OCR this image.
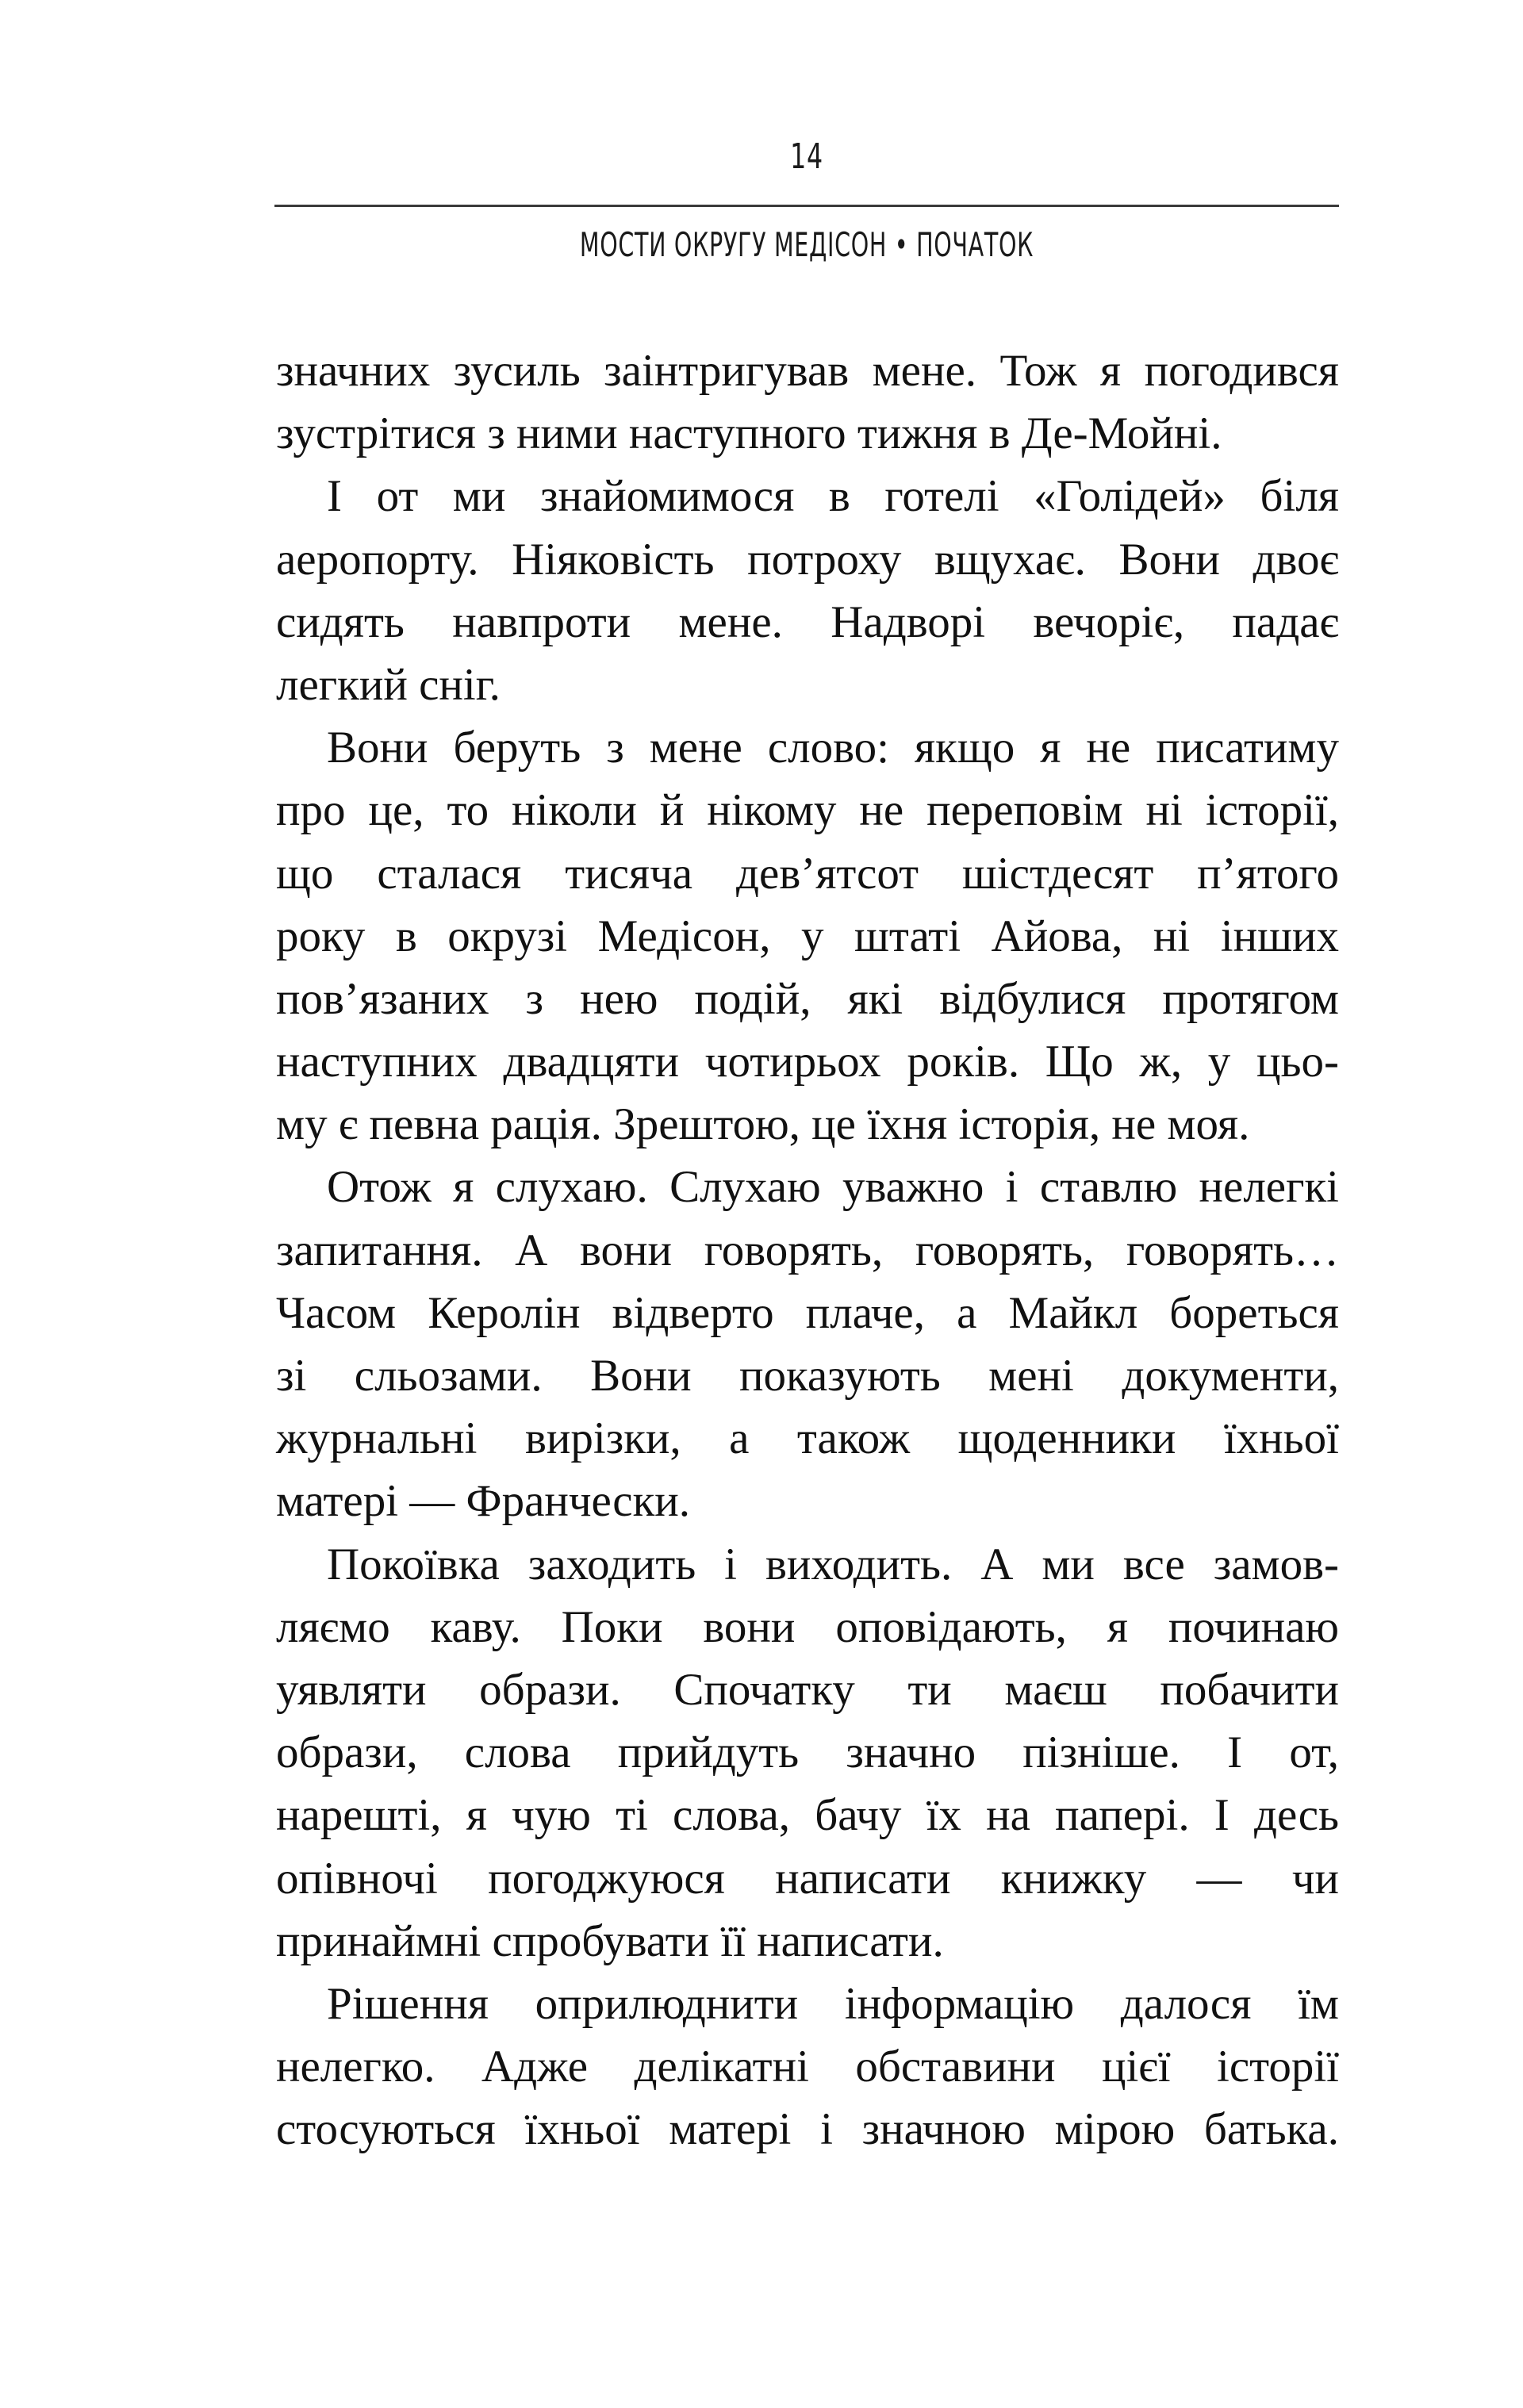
14
МОСТИ ОКРУГУ МЕДІСОН • ПОЧАТОК
значних зусиль заінтригував мене. Тож я погодився
зустрітися з ними наступного тижня в Де-Мойні.
І от ми знайомимося в готелі «Голідей» біля
аеропорту. Ніяковість потроху вщухає. Вони двоє
сидять навпроти мене. Надворі вечоріє, падає
легкий сніг.
Вони беруть з мене слово: якщо я не писатиму
про це, то ніколи й нікому не переповім ні історії,
що сталася тисяча дев’ятсот шістдесят п’ятого
року в окрузі Медісон, у штаті Айова, ні інших
пов’язаних з нею подій, які відбулися протягом
наступних двадцяти чотирьох років. Що ж, у цьо-
му є певна рація. Зрештою, це їхня історія, не моя.
Отож я слухаю. Слухаю уважно і ставлю нелегкі
запитання. А вони говорять, говорять, говорять…
Часом Керолін відверто плаче, а Майкл бореться
зі сльозами. Вони показують мені документи,
журнальні вирізки, а також щоденники їхньої
матері — Франчески.
Покоївка заходить і виходить. А ми все замов-
ляємо каву. Поки вони оповідають, я починаю
уявляти образи. Спочатку ти маєш побачити
образи, слова прийдуть значно пізніше. І от,
нарешті, я чую ті слова, бачу їх на папері. І десь
опівночі погоджуюся написати книжку — чи
принаймні спробувати її написати.
Рішення оприлюднити інформацію далося їм
нелегко. Адже делікатні обставини цієї історії
стосуються їхньої матері і значною мірою батька.
